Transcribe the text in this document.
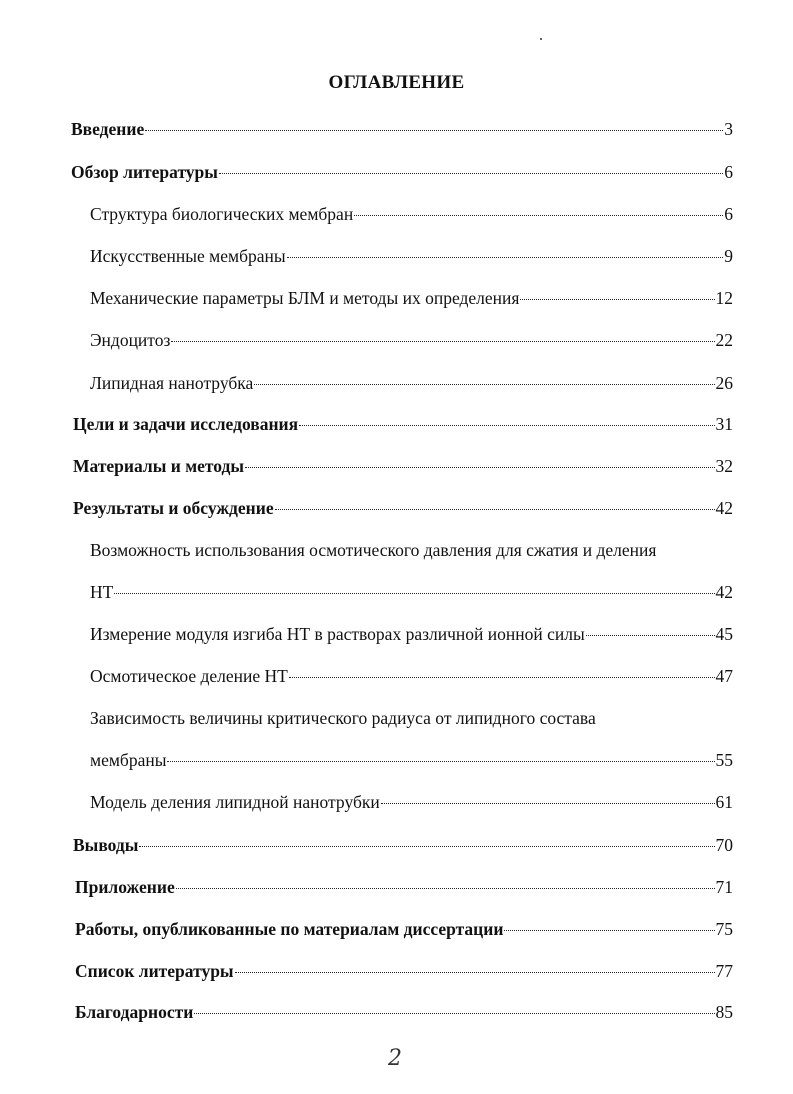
ОГЛАВЛЕНИЕ
Введение	3
Обзор литературы	6
Структура биологических мембран	6
Искусственные мембраны	9
Механические параметры БЛМ и методы их определения	12
Эндоцитоз	22
Липидная нанотрубка	26
Цели и задачи исследования	31
Материалы и методы	32
Результаты и обсуждение	42
Возможность использования осмотического давления для сжатия и деления
НТ	42
Измерение модуля изгиба НТ в растворах различной ионной силы	45
Осмотическое деление НТ	47
Зависимость величины критического радиуса от липидного состава
мембраны	55
Модель деления липидной нанотрубки	61
Выводы	70
Приложение	71
Работы, опубликованные по материалам диссертации	75
Список литературы	77
Благодарности	85
2
